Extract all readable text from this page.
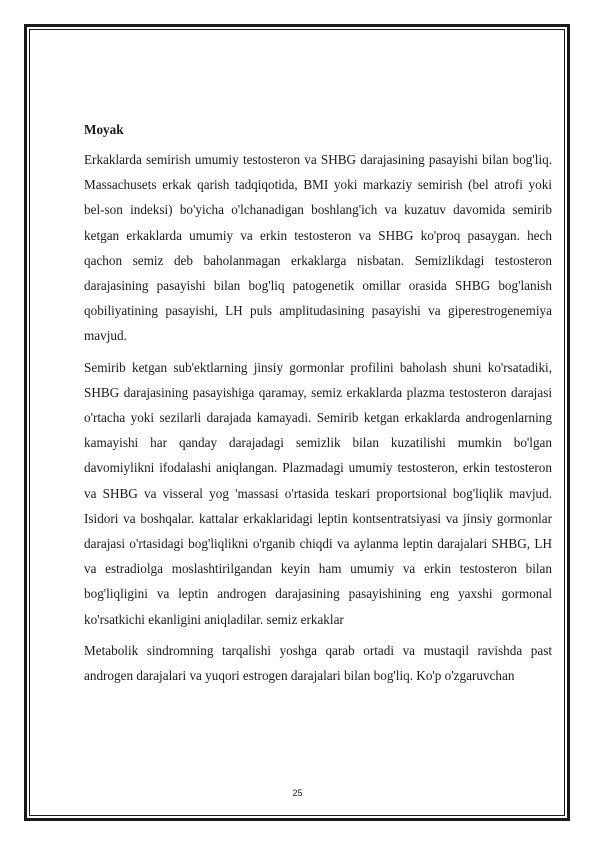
Moyak

Erkaklarda semirish umumiy testosteron va SHBG darajasining pasayishi bilan bog'liq. Massachusets erkak qarish tadqiqotida, BMI yoki markaziy semirish (bel atrofi yoki bel-son indeksi) bo'yicha o'lchanadigan boshlang'ich va kuzatuv davomida semirib ketgan erkaklarda umumiy va erkin testosteron va SHBG ko'proq pasaygan. hech qachon semiz deb baholanmagan erkaklarga nisbatan. Semizlikdagi testosteron darajasining pasayishi bilan bog'liq patogenetik omillar orasida SHBG bog'lanish qobiliyatining pasayishi, LH puls amplitudasining pasayishi va giperestrogenemiya mavjud.

Semirib ketgan sub'ektlarning jinsiy gormonlar profilini baholash shuni ko'rsatadiki, SHBG darajasining pasayishiga qaramay, semiz erkaklarda plazma testosteron darajasi o'rtacha yoki sezilarli darajada kamayadi. Semirib ketgan erkaklarda androgenlarning kamayishi har qanday darajadagi semizlik bilan kuzatilishi mumkin bo'lgan davomiylikni ifodalashi aniqlangan. Plazmadagi umumiy testosteron, erkin testosteron va SHBG va visseral yog 'massasi o'rtasida teskari proportsional bog'liqlik mavjud. Isidori va boshqalar. kattalar erkaklaridagi leptin kontsentratsiyasi va jinsiy gormonlar darajasi o'rtasidagi bog'liqlikni o'rganib chiqdi va aylanma leptin darajalari SHBG, LH va estradiolga moslashtirilgandan keyin ham umumiy va erkin testosteron bilan bog'liqligini va leptin androgen darajasining pasayishining eng yaxshi gormonal ko'rsatkichi ekanligini aniqladilar. semiz erkaklar

Metabolik sindromning tarqalishi yoshga qarab ortadi va mustaqil ravishda past androgen darajalari va yuqori estrogen darajalari bilan bog'liq. Ko'p o'zgaruvchan

25
